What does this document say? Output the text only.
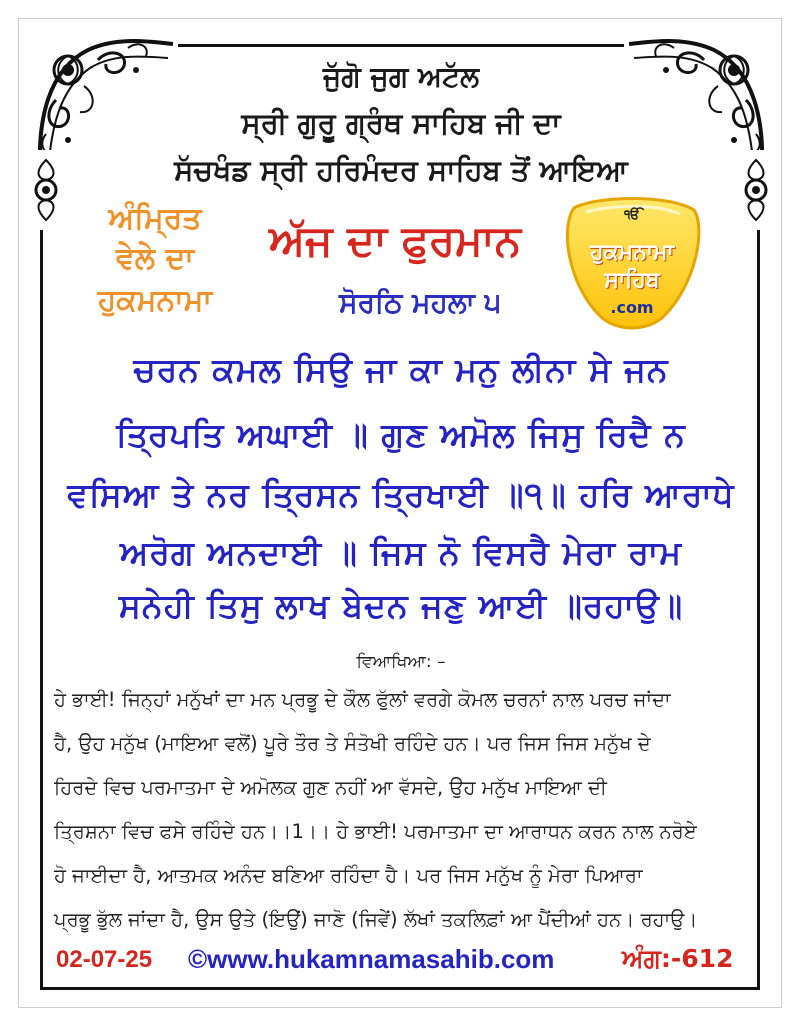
ਜੁੱਗੋ ਜੁਗ ਅਟੱਲ
ਸ੍ਰੀ ਗੁਰੂ ਗ੍ਰੰਥ ਸਾਹਿਬ ਜੀ ਦਾ
ਸੱਚਖੰਡ ਸ੍ਰੀ ਹਰਿਮੰਦਰ ਸਾਹਿਬ ਤੋਂ ਆਇਆ
ਅੰਮ੍ਰਿਤ
ਵੇਲੇ ਦਾ
ਹੁਕਮਨਾਮਾ
ਅੱਜ ਦਾ ਫੁਰਮਾਨ
ੴ
ਹੁਕਮਨਾਮਾ
ਸਾਹਿਬ
.com
ਸੋਰਠਿ ਮਹਲਾ ੫
ਚਰਨ ਕਮਲ ਸਿਉ ਜਾ ਕਾ ਮਨੁ ਲੀਨਾ ਸੇ ਜਨ
ਤ੍ਰਿਪਤਿ ਅਘਾਈ ॥ ਗੁਣ ਅਮੋਲ ਜਿਸੁ ਰਿਦੈ ਨ
ਵਸਿਆ ਤੇ ਨਰ ਤ੍ਰਿਸਨ ਤ੍ਰਿਖਾਈ ॥੧॥ ਹਰਿ ਆਰਾਧੇ
ਅਰੋਗ ਅਨਦਾਈ ॥ ਜਿਸ ਨੋ ਵਿਸਰੈ ਮੇਰਾ ਰਾਮ
ਸਨੇਹੀ ਤਿਸੁ ਲਾਖ ਬੇਦਨ ਜਣੁ ਆਈ ॥ਰਹਾਉ॥
ਵਿਆਖਿਆ: –
ਹੇ ਭਾਈ! ਜਿਨ੍ਹਾਂ ਮਨੁੱਖਾਂ ਦਾ ਮਨ ਪ੍ਰਭੂ ਦੇ ਕੌਲ ਫੁੱਲਾਂ ਵਰਗੇ ਕੋਮਲ ਚਰਨਾਂ ਨਾਲ ਪਰਚ ਜਾਂਦਾ
ਹੈ, ਉਹ ਮਨੁੱਖ (ਮਾਇਆ ਵਲੋਂ) ਪੂਰੇ ਤੌਰ ਤੇ ਸੰਤੋਖੀ ਰਹਿੰਦੇ ਹਨ। ਪਰ ਜਿਸ ਜਿਸ ਮਨੁੱਖ ਦੇ
ਹਿਰਦੇ ਵਿਚ ਪਰਮਾਤਮਾ ਦੇ ਅਮੋਲਕ ਗੁਣ ਨਹੀਂ ਆ ਵੱਸਦੇ, ਉਹ ਮਨੁੱਖ ਮਾਇਆ ਦੀ
ਤ੍ਰਿਸ਼ਨਾ ਵਿਚ ਫਸੇ ਰਹਿੰਦੇ ਹਨ।।1।। ਹੇ ਭਾਈ! ਪਰਮਾਤਮਾ ਦਾ ਆਰਾਧਨ ਕਰਨ ਨਾਲ ਨਰੋਏ
ਹੋ ਜਾਈਦਾ ਹੈ, ਆਤਮਕ ਅਨੰਦ ਬਣਿਆ ਰਹਿੰਦਾ ਹੈ। ਪਰ ਜਿਸ ਮਨੁੱਖ ਨੂੰ ਮੇਰਾ ਪਿਆਰਾ
ਪ੍ਰਭੂ ਭੁੱਲ ਜਾਂਦਾ ਹੈ, ਉਸ ਉਤੇ (ਇਉਂ) ਜਾਣੋ (ਜਿਵੇਂ) ਲੱਖਾਂ ਤਕਲਿਫ਼ਾਂ ਆ ਪੈਂਦੀਆਂ ਹਨ। ਰਹਾਉ।
02-07-25 ©www.hukamnamasahib.com	ਅੰਗ:-612
